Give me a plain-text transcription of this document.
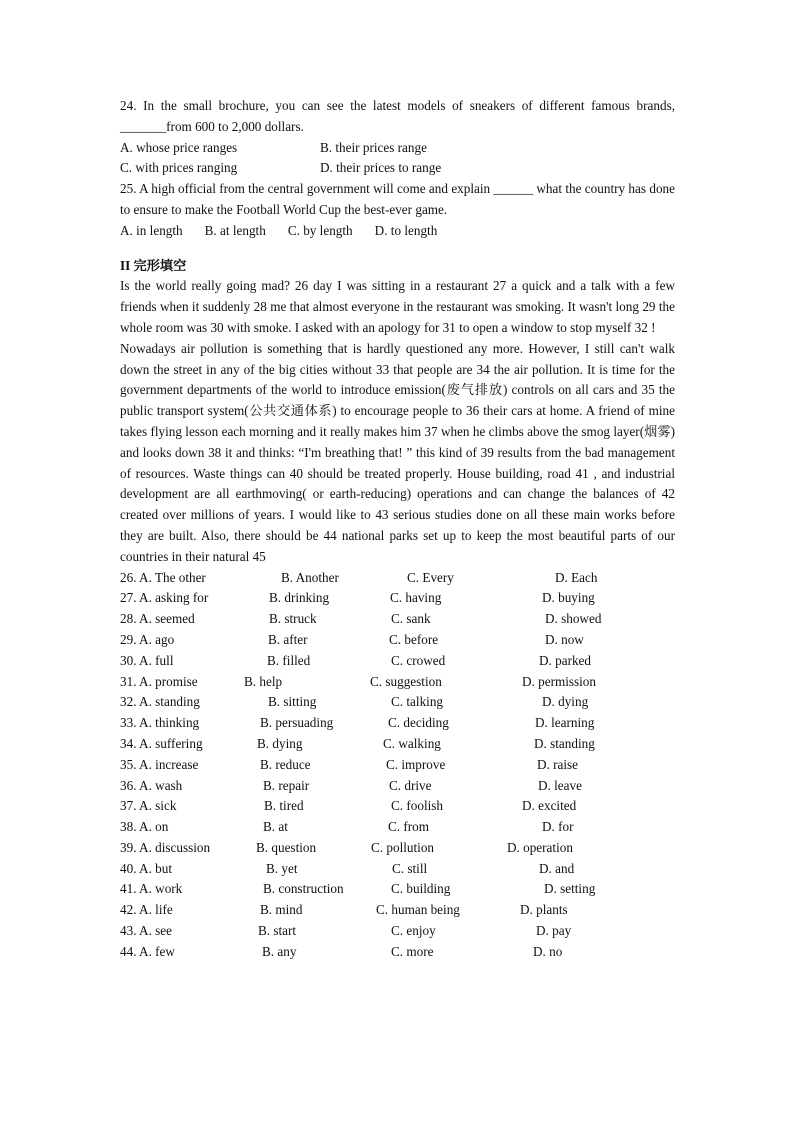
24. In the small brochure, you can see the latest models of sneakers of different famous brands, _______from 600 to 2,000 dollars.

A. whose price ranges	B. their prices range
C. with prices ranging	D. their prices to range

25. A high official from the central government will come and explain ______ what the country has done to ensure to make the Football World Cup the best-ever game.

A. in length B. at length C. by length D. to length

II 完形填空

Is the world really going mad? 26 day I was sitting in a restaurant 27 a quick and a talk with a few friends when it suddenly 28 me that almost everyone in the restaurant was smoking. It wasn't long 29 the whole room was 30 with smoke. I asked with an apology for 31 to open a window to stop myself 32 !

Nowadays air pollution is something that is hardly questioned any more. However, I still can't walk down the street in any of the big cities without 33 that people are 34 the air pollution. It is time for the government departments of the world to introduce emission(废气排放) controls on all cars and 35 the public transport system(公共交通体系) to encourage people to 36 their cars at home. A friend of mine takes flying lesson each morning and it really makes him 37 when he climbs above the smog layer(烟雾) and looks down 38 it and thinks: “I'm breathing that! ” this kind of 39 results from the bad management of resources. Waste things can 40 should be treated properly. House building, road 41 , and industrial development are all earthmoving( or earth-reducing) operations and can change the balances of 42 created over millions of years. I would like to 43 serious studies done on all these main works before they are built. Also, there should be 44 national parks set up to keep the most beautiful parts of our countries in their natural 45

26. A. The other	B. Another	C. Every	D. Each
27. A. asking for	B. drinking	C. having	D. buying
28. A. seemed	B. struck	C. sank	D. showed
29. A. ago	B. after	C. before	D. now
30. A. full	B. filled	C. crowed	D. parked
31. A. promise	B. help	C. suggestion	D. permission
32. A. standing	B. sitting	C. talking	D. dying
33. A. thinking	B. persuading	C. deciding	D. learning
34. A. suffering	B. dying	C. walking	D. standing
35. A. increase	B. reduce	C. improve	D. raise
36. A. wash	B. repair	C. drive	D. leave
37. A. sick	B. tired	C. foolish	D. excited
38. A. on	B. at	C. from	D. for
39. A. discussion	B. question	C. pollution	D. operation
40. A. but	B. yet	C. still	D. and
41. A. work	B. construction	C. building	D. setting
42. A. life	B. mind	C. human being	D. plants
43. A. see	B. start	C. enjoy	D. pay
44. A. few	B. any	C. more	D. no
